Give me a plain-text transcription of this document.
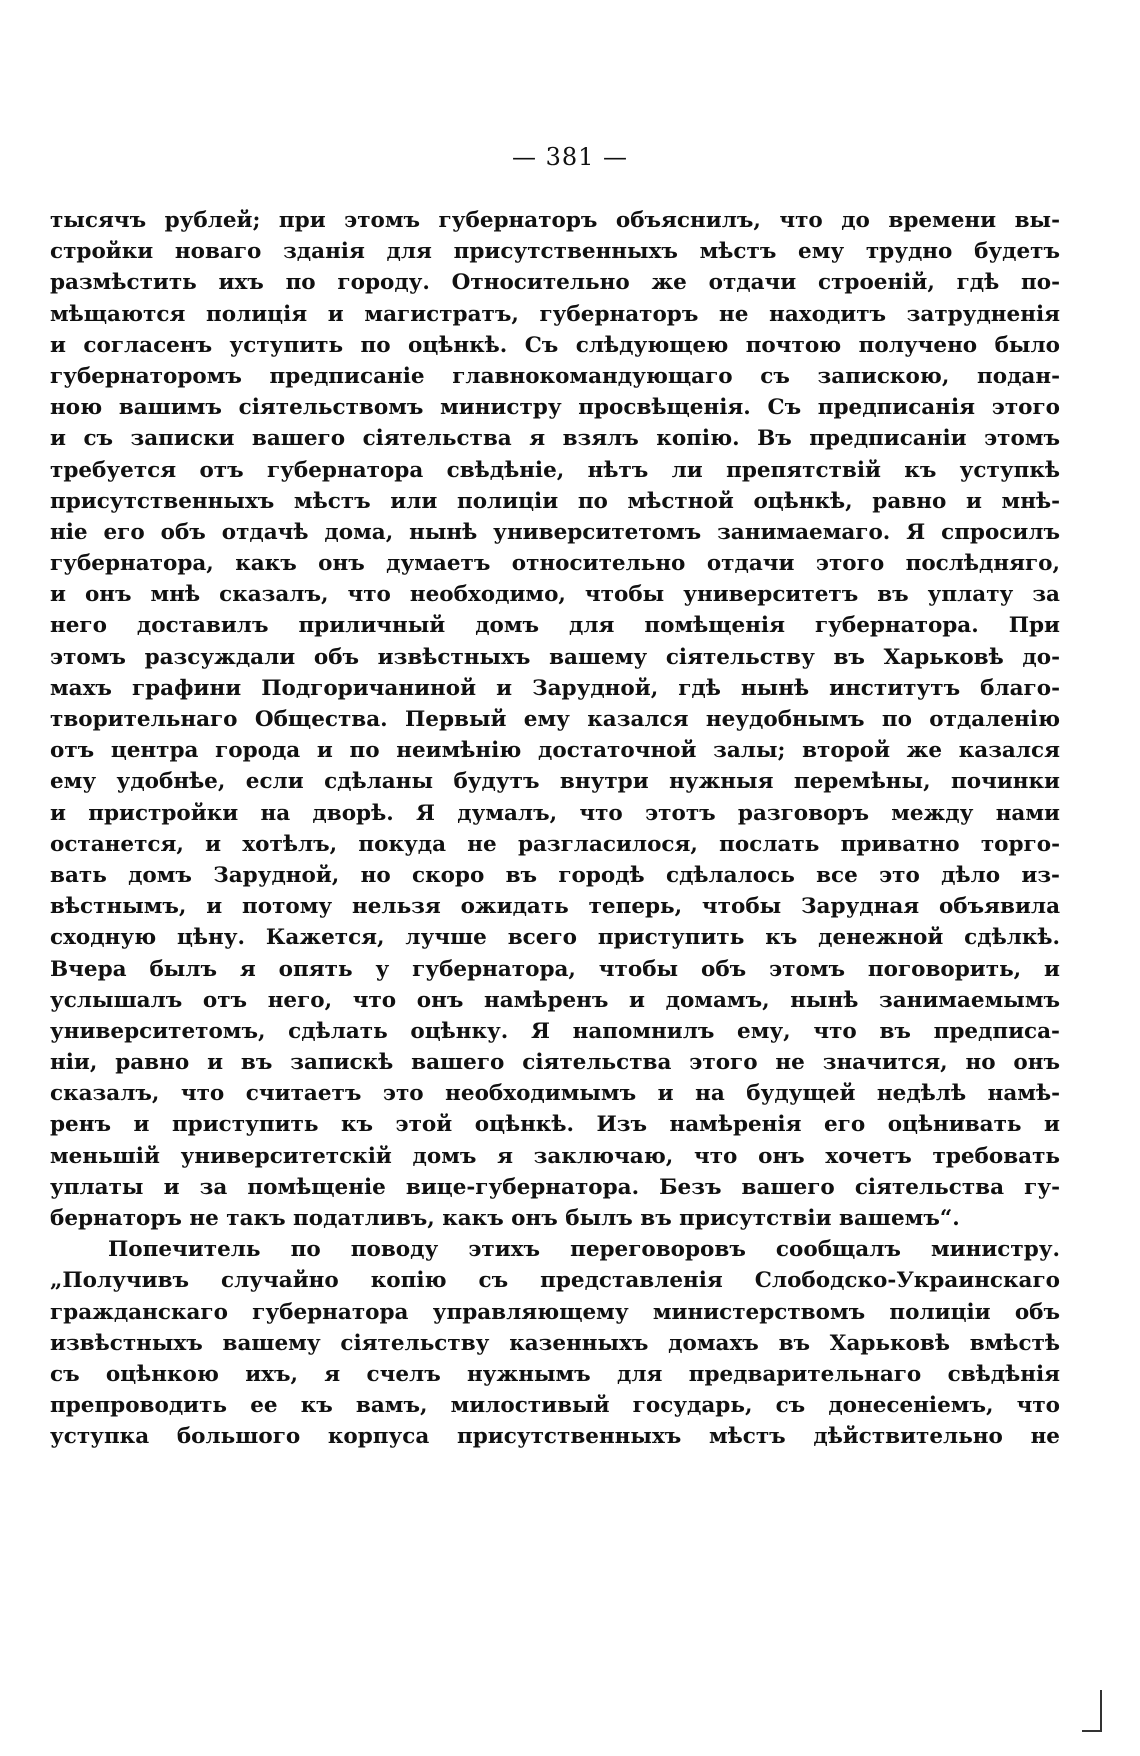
— 381 —
тысячъ рублей; при этомъ губернаторъ объяснилъ, что до времени вы-
стройки новаго зданія для присутственныхъ мѣстъ ему трудно будетъ
размѣстить ихъ по городу. Относительно же отдачи строеній, гдѣ по-
мѣщаются полиція и магистратъ, губернаторъ не находитъ затрудненія
и согласенъ уступить по оцѣнкѣ. Съ слѣдующею почтою получено было
губернаторомъ предписаніе главнокомандующаго съ запискою, подан-
ною вашимъ сіятельствомъ министру просвѣщенія. Съ предписанія этого
и съ записки вашего сіятельства я взялъ копію. Въ предписаніи этомъ
требуется отъ губернатора свѣдѣніе, нѣтъ ли препятствій къ уступкѣ
присутственныхъ мѣстъ или полиціи по мѣстной оцѣнкѣ, равно и мнѣ-
ніе его объ отдачѣ дома, нынѣ университетомъ занимаемаго. Я спросилъ
губернатора, какъ онъ думаетъ относительно отдачи этого послѣдняго,
и онъ мнѣ сказалъ, что необходимо, чтобы университетъ въ уплату за
него доставилъ приличный домъ для помѣщенія губернатора. При
этомъ разсуждали объ извѣстныхъ вашему сіятельству въ Харьковѣ до-
махъ графини Подгоричаниной и Зарудной, гдѣ нынѣ институтъ благо-
творительнаго Общества. Первый ему казался неудобнымъ по отдаленію
отъ центра города и по неимѣнію достаточной залы; второй же казался
ему удобнѣе, если сдѣланы будутъ внутри нужныя перемѣны, починки
и пристройки на дворѣ. Я думалъ, что этотъ разговоръ между нами
останется, и хотѣлъ, покуда не разгласилося, послать приватно торго-
вать домъ Зарудной, но скоро въ городѣ сдѣлалось все это дѣло из-
вѣстнымъ, и потому нельзя ожидать теперь, чтобы Зарудная объявила
сходную цѣну. Кажется, лучше всего приступить къ денежной сдѣлкѣ.
Вчера былъ я опять у губернатора, чтобы объ этомъ поговорить, и
услышалъ отъ него, что онъ намѣренъ и домамъ, нынѣ занимаемымъ
университетомъ, сдѣлать оцѣнку. Я напомнилъ ему, что въ предписа-
ніи, равно и въ запискѣ вашего сіятельства этого не значится, но онъ
сказалъ, что считаетъ это необходимымъ и на будущей недѣлѣ намѣ-
ренъ и приступить къ этой оцѣнкѣ. Изъ намѣренія его оцѣнивать и
меньшій университетскій домъ я заключаю, что онъ хочетъ требовать
уплаты и за помѣщеніе вице-губернатора. Безъ вашего сіятельства гу-
бернаторъ не такъ податливъ, какъ онъ былъ въ присутствіи вашемъ“.
Попечитель по поводу этихъ переговоровъ сообщалъ министру.
„Получивъ случайно копію съ представленія Слободско-Украинскаго
гражданскаго губернатора управляющему министерствомъ полиціи объ
извѣстныхъ вашему сіятельству казенныхъ домахъ въ Харьковѣ вмѣстѣ
съ оцѣнкою ихъ, я счелъ нужнымъ для предварительнаго свѣдѣнія
препроводить ее къ вамъ, милостивый государь, съ донесеніемъ, что
уступка большого корпуса присутственныхъ мѣстъ дѣйствительно не
